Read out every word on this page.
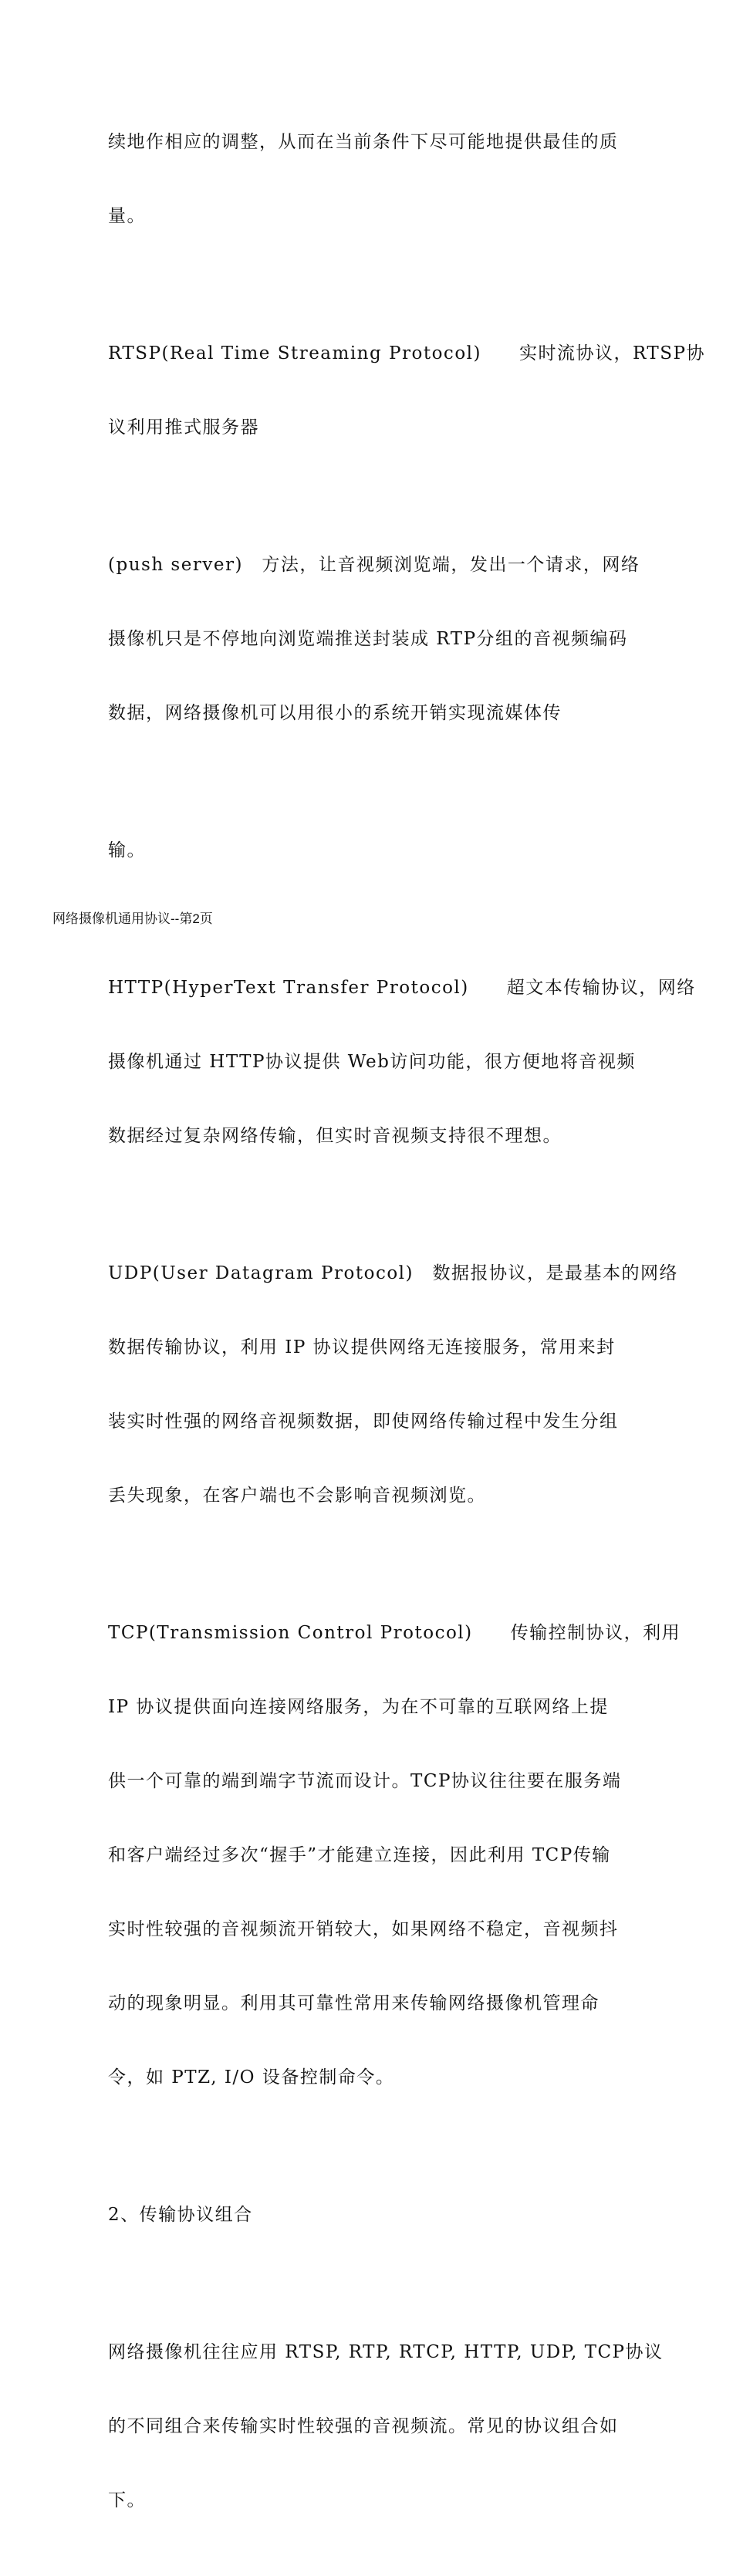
续地作相应的调整，从而在当前条件下尽可能地提供最佳的质

量。

RTSP(Real Time Streaming Protocol)　　实时流协议，RTSP协

议利用推式服务器

(push server)　方法，让音视频浏览端，发出一个请求，网络

摄像机只是不停地向浏览端推送封装成 RTP分组的音视频编码

数据，网络摄像机可以用很小的系统开销实现流媒体传

输。

HTTP(HyperText Transfer Protocol)　　超文本传输协议，网络

摄像机通过 HTTP协议提供 Web访问功能，很方便地将音视频

数据经过复杂网络传输，但实时音视频支持很不理想。

UDP(User Datagram Protocol)　数据报协议，是最基本的网络

数据传输协议，利用 IP 协议提供网络无连接服务，常用来封

装实时性强的网络音视频数据，即使网络传输过程中发生分组

丢失现象，在客户端也不会影响音视频浏览。

TCP(Transmission Control Protocol)　　传输控制协议，利用

IP 协议提供面向连接网络服务，为在不可靠的互联网络上提

供一个可靠的端到端字节流而设计。TCP协议往往要在服务端

和客户端经过多次“握手”才能建立连接，因此利用 TCP传输

实时性较强的音视频流开销较大，如果网络不稳定，音视频抖

动的现象明显。利用其可靠性常用来传输网络摄像机管理命

令，如 PTZ, I/O 设备控制命令。

2、传输协议组合

网络摄像机往往应用 RTSP, RTP, RTCP, HTTP, UDP, TCP协议

的不同组合来传输实时性较强的音视频流。常见的协议组合如

下。

网络摄像机通用协议--第2页
